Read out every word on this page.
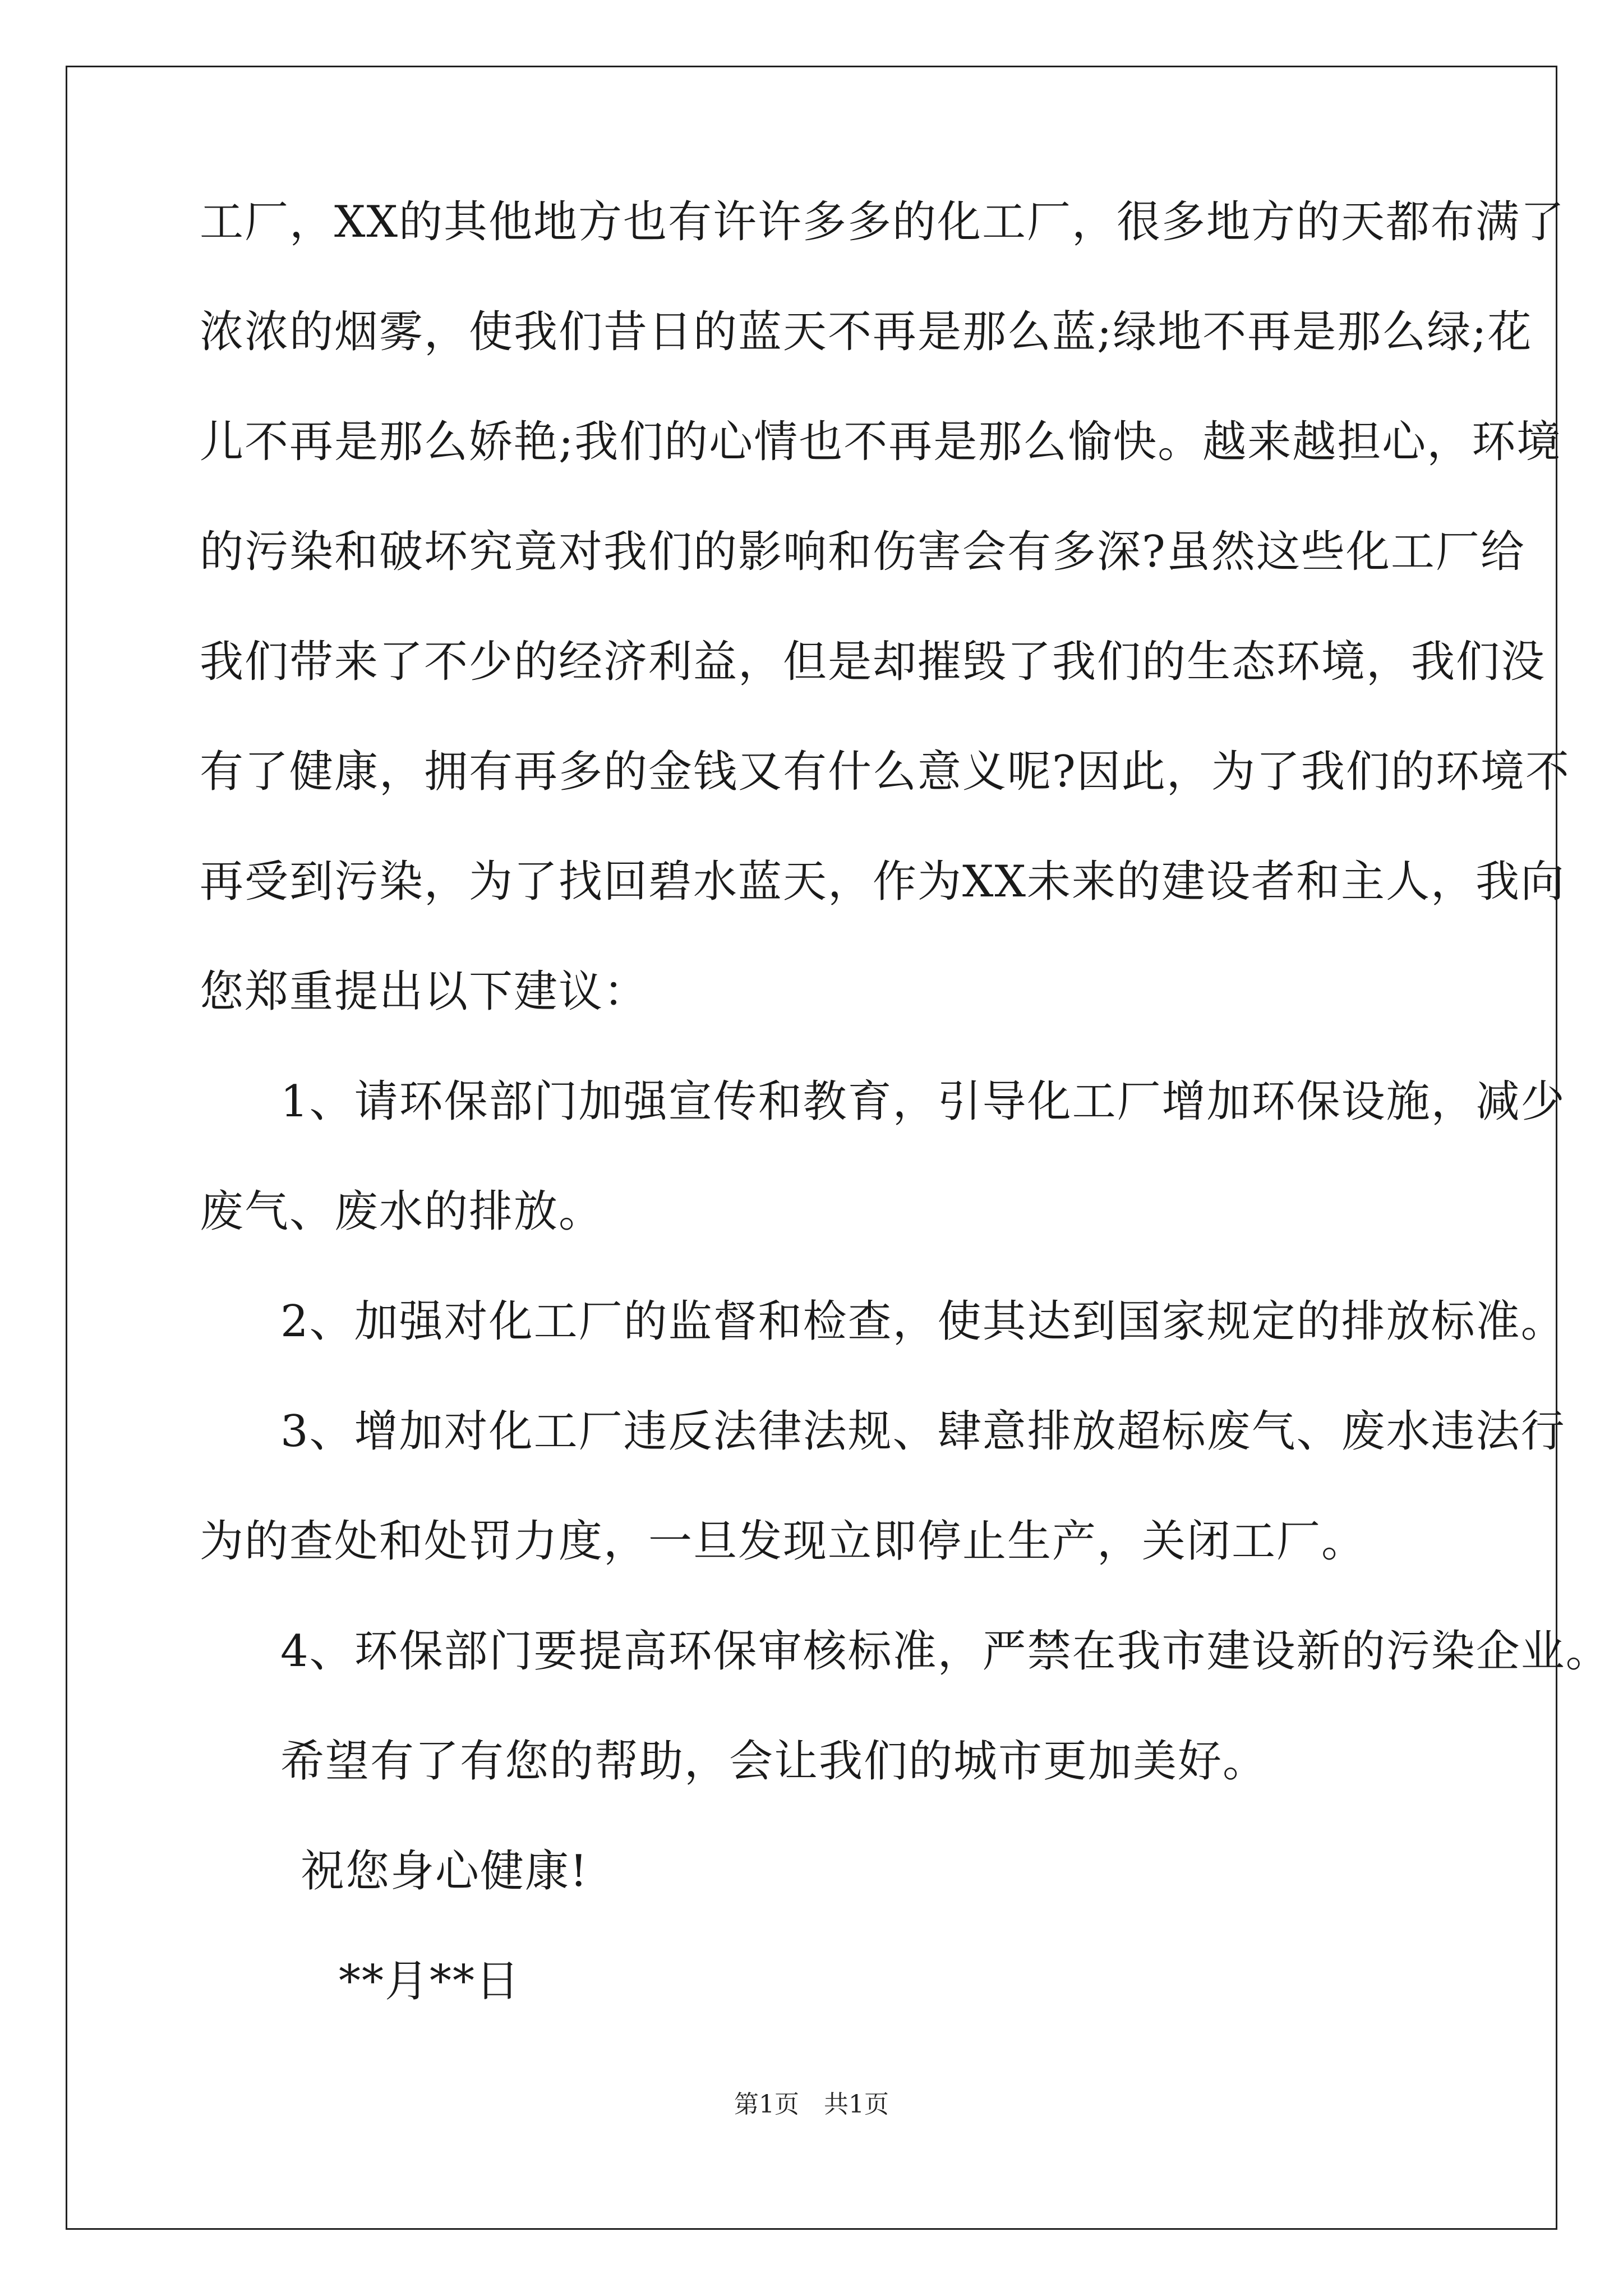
工厂，XX的其他地方也有许许多多的化工厂，很多地方的天都布满了
浓浓的烟雾，使我们昔日的蓝天不再是那么蓝;绿地不再是那么绿;花
儿不再是那么娇艳;我们的心情也不再是那么愉快。越来越担心，环境
的污染和破坏究竟对我们的影响和伤害会有多深?虽然这些化工厂给
我们带来了不少的经济利益，但是却摧毁了我们的生态环境，我们没
有了健康，拥有再多的金钱又有什么意义呢?因此，为了我们的环境不
再受到污染，为了找回碧水蓝天，作为XX未来的建设者和主人，我向
您郑重提出以下建议：
1、请环保部门加强宣传和教育，引导化工厂增加环保设施，减少
废气、废水的排放。
2、加强对化工厂的监督和检查，使其达到国家规定的排放标准。
3、增加对化工厂违反法律法规、肆意排放超标废气、废水违法行
为的查处和处罚力度，一旦发现立即停止生产，关闭工厂。
4、环保部门要提高环保审核标准，严禁在我市建设新的污染企业。
希望有了有您的帮助，会让我们的城市更加美好。
祝您身心健康!
**月**日
第1页　共1页
